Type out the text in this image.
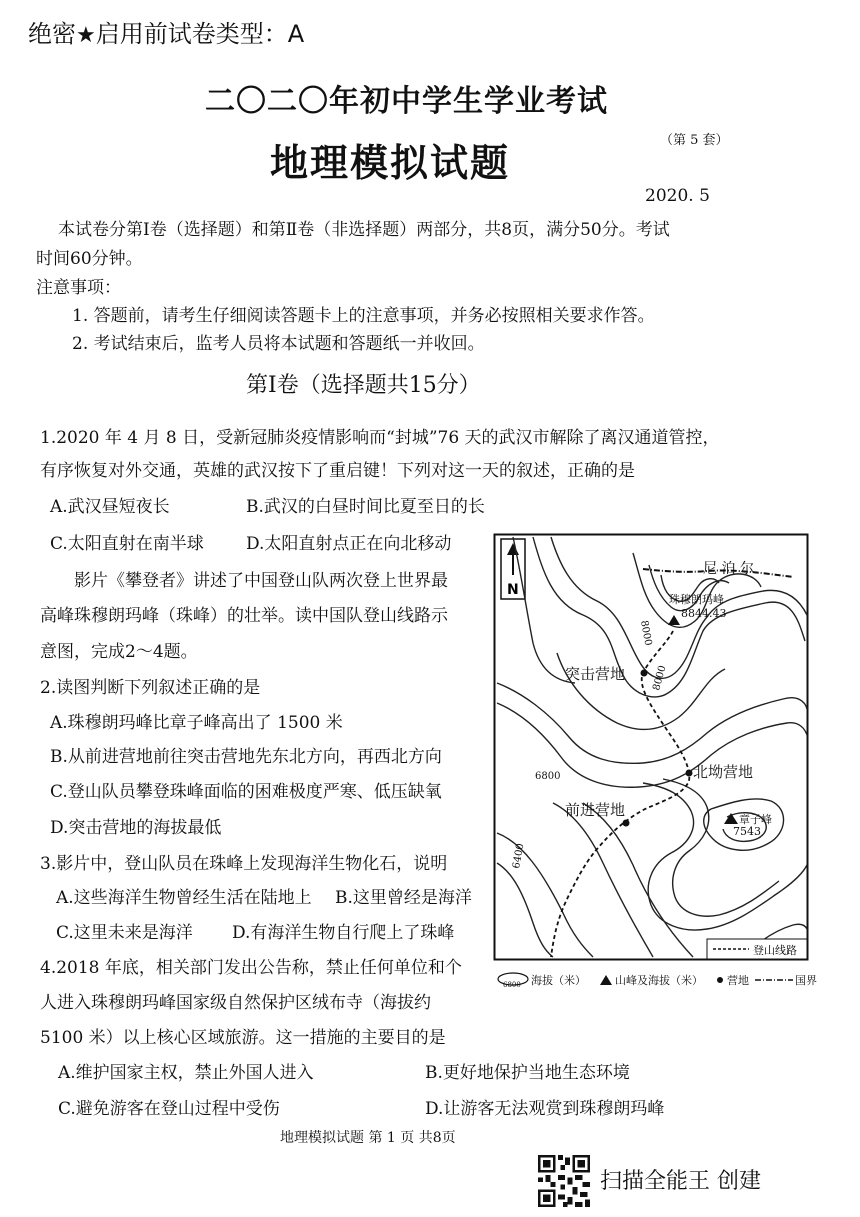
绝密★启用前试卷类型：A
二〇二〇年初中学生学业考试
地理模拟试题
（第 5 套）
2020. 5
本试卷分第Ⅰ卷（选择题）和第Ⅱ卷（非选择题）两部分，共8页，满分50分。考试
时间60分钟。
注意事项：
1. 答题前，请考生仔细阅读答题卡上的注意事项，并务必按照相关要求作答。
2. 考试结束后，监考人员将本试题和答题纸一并收回。
第Ⅰ卷（选择题共15分）
1.2020 年 4 月 8 日，受新冠肺炎疫情影响而“封城”76 天的武汉市解除了离汉通道管控，
有序恢复对外交通，英雄的武汉按下了重启键！下列对这一天的叙述，正确的是
A.武汉昼短夜长	B.武汉的白昼时间比夏至日的长
C.太阳直射在南半球 D.太阳直射点正在向北移动
影片《攀登者》讲述了中国登山队两次登上世界最
高峰珠穆朗玛峰（珠峰）的壮举。读中国队登山线路示
意图，完成2～4题。
2.读图判断下列叙述正确的是
A.珠穆朗玛峰比章子峰高出了 1500 米
B.从前进营地前往突击营地先东北方向，再西北方向
C.登山队员攀登珠峰面临的困难极度严寒、低压缺氧
D.突击营地的海拔最低
3.影片中，登山队员在珠峰上发现海洋生物化石，说明
A.这些海洋生物曾经生活在陆地上 B.这里曾经是海洋
C.这里未来是海洋 D.有海洋生物自行爬上了珠峰
4.2018 年底，相关部门发出公告称，禁止任何单位和个
人进入珠穆朗玛峰国家级自然保护区绒布寺（海拔约
5100 米）以上核心区域旅游。这一措施的主要目的是
A.维护国家主权，禁止外国人进入	B.更好地保护当地生态环境
C.避免游客在登山过程中受伤	D.让游客无法观赏到珠穆朗玛峰
N
尼 泊 尔
珠穆朗玛峰
8844.43
突击营地
北坳营地
前进营地
章子峰
7543
8000
8000
6800
6400
登山线路
6800 海拔（米）	山峰及海拔（米） 营地	国界
地理模拟试题 第 1 页 共8页
扫描全能王 创建
